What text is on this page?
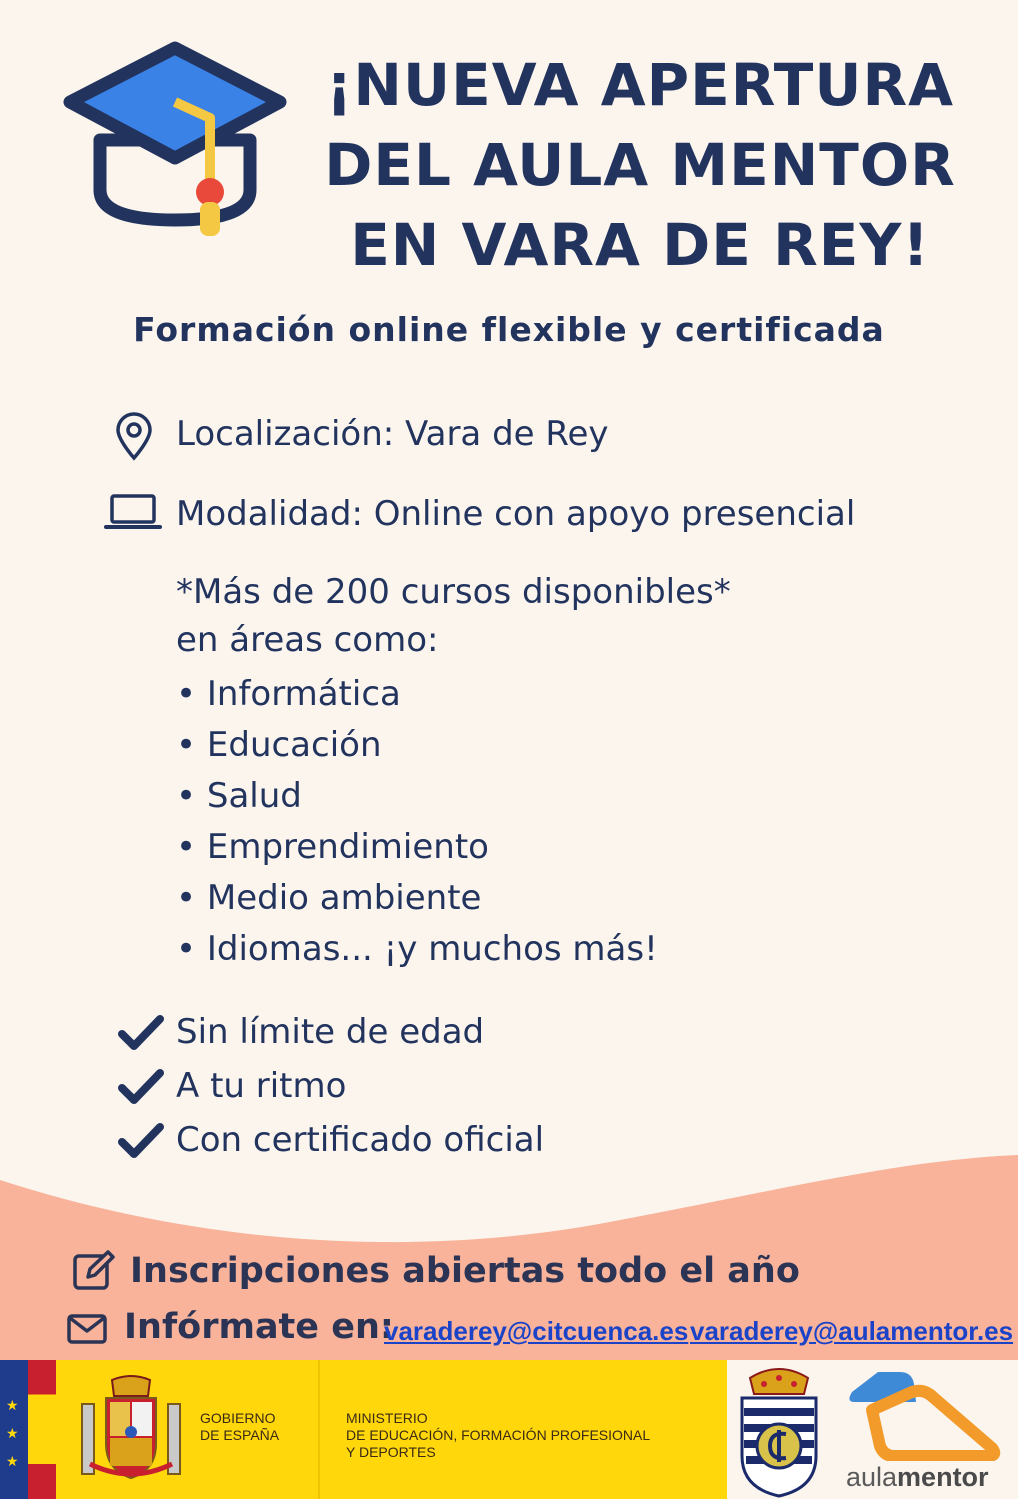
¡NUEVA APERTURA
DEL AULA MENTOR
EN VARA DE REY!
Formación online flexible y certificada
Localización: Vara de Rey
Modalidad: Online con apoyo presencial
*Más de 200 cursos disponibles*
en áreas como:
• Informática
• Educación
• Salud
• Emprendimiento
• Medio ambiente
• Idiomas... ¡y muchos más!
Sin límite de edad
A tu ritmo
Con certificado oficial
Inscripciones abiertas todo el año
Infórmate en:
varaderey@citcuenca.es varaderey@aulamentor.es
★
★
★
GOBIERNO
DE ESPAÑA
MINISTERIO
DE EDUCACIÓN, FORMACIÓN PROFESIONAL
Y DEPORTES
aulamentor
